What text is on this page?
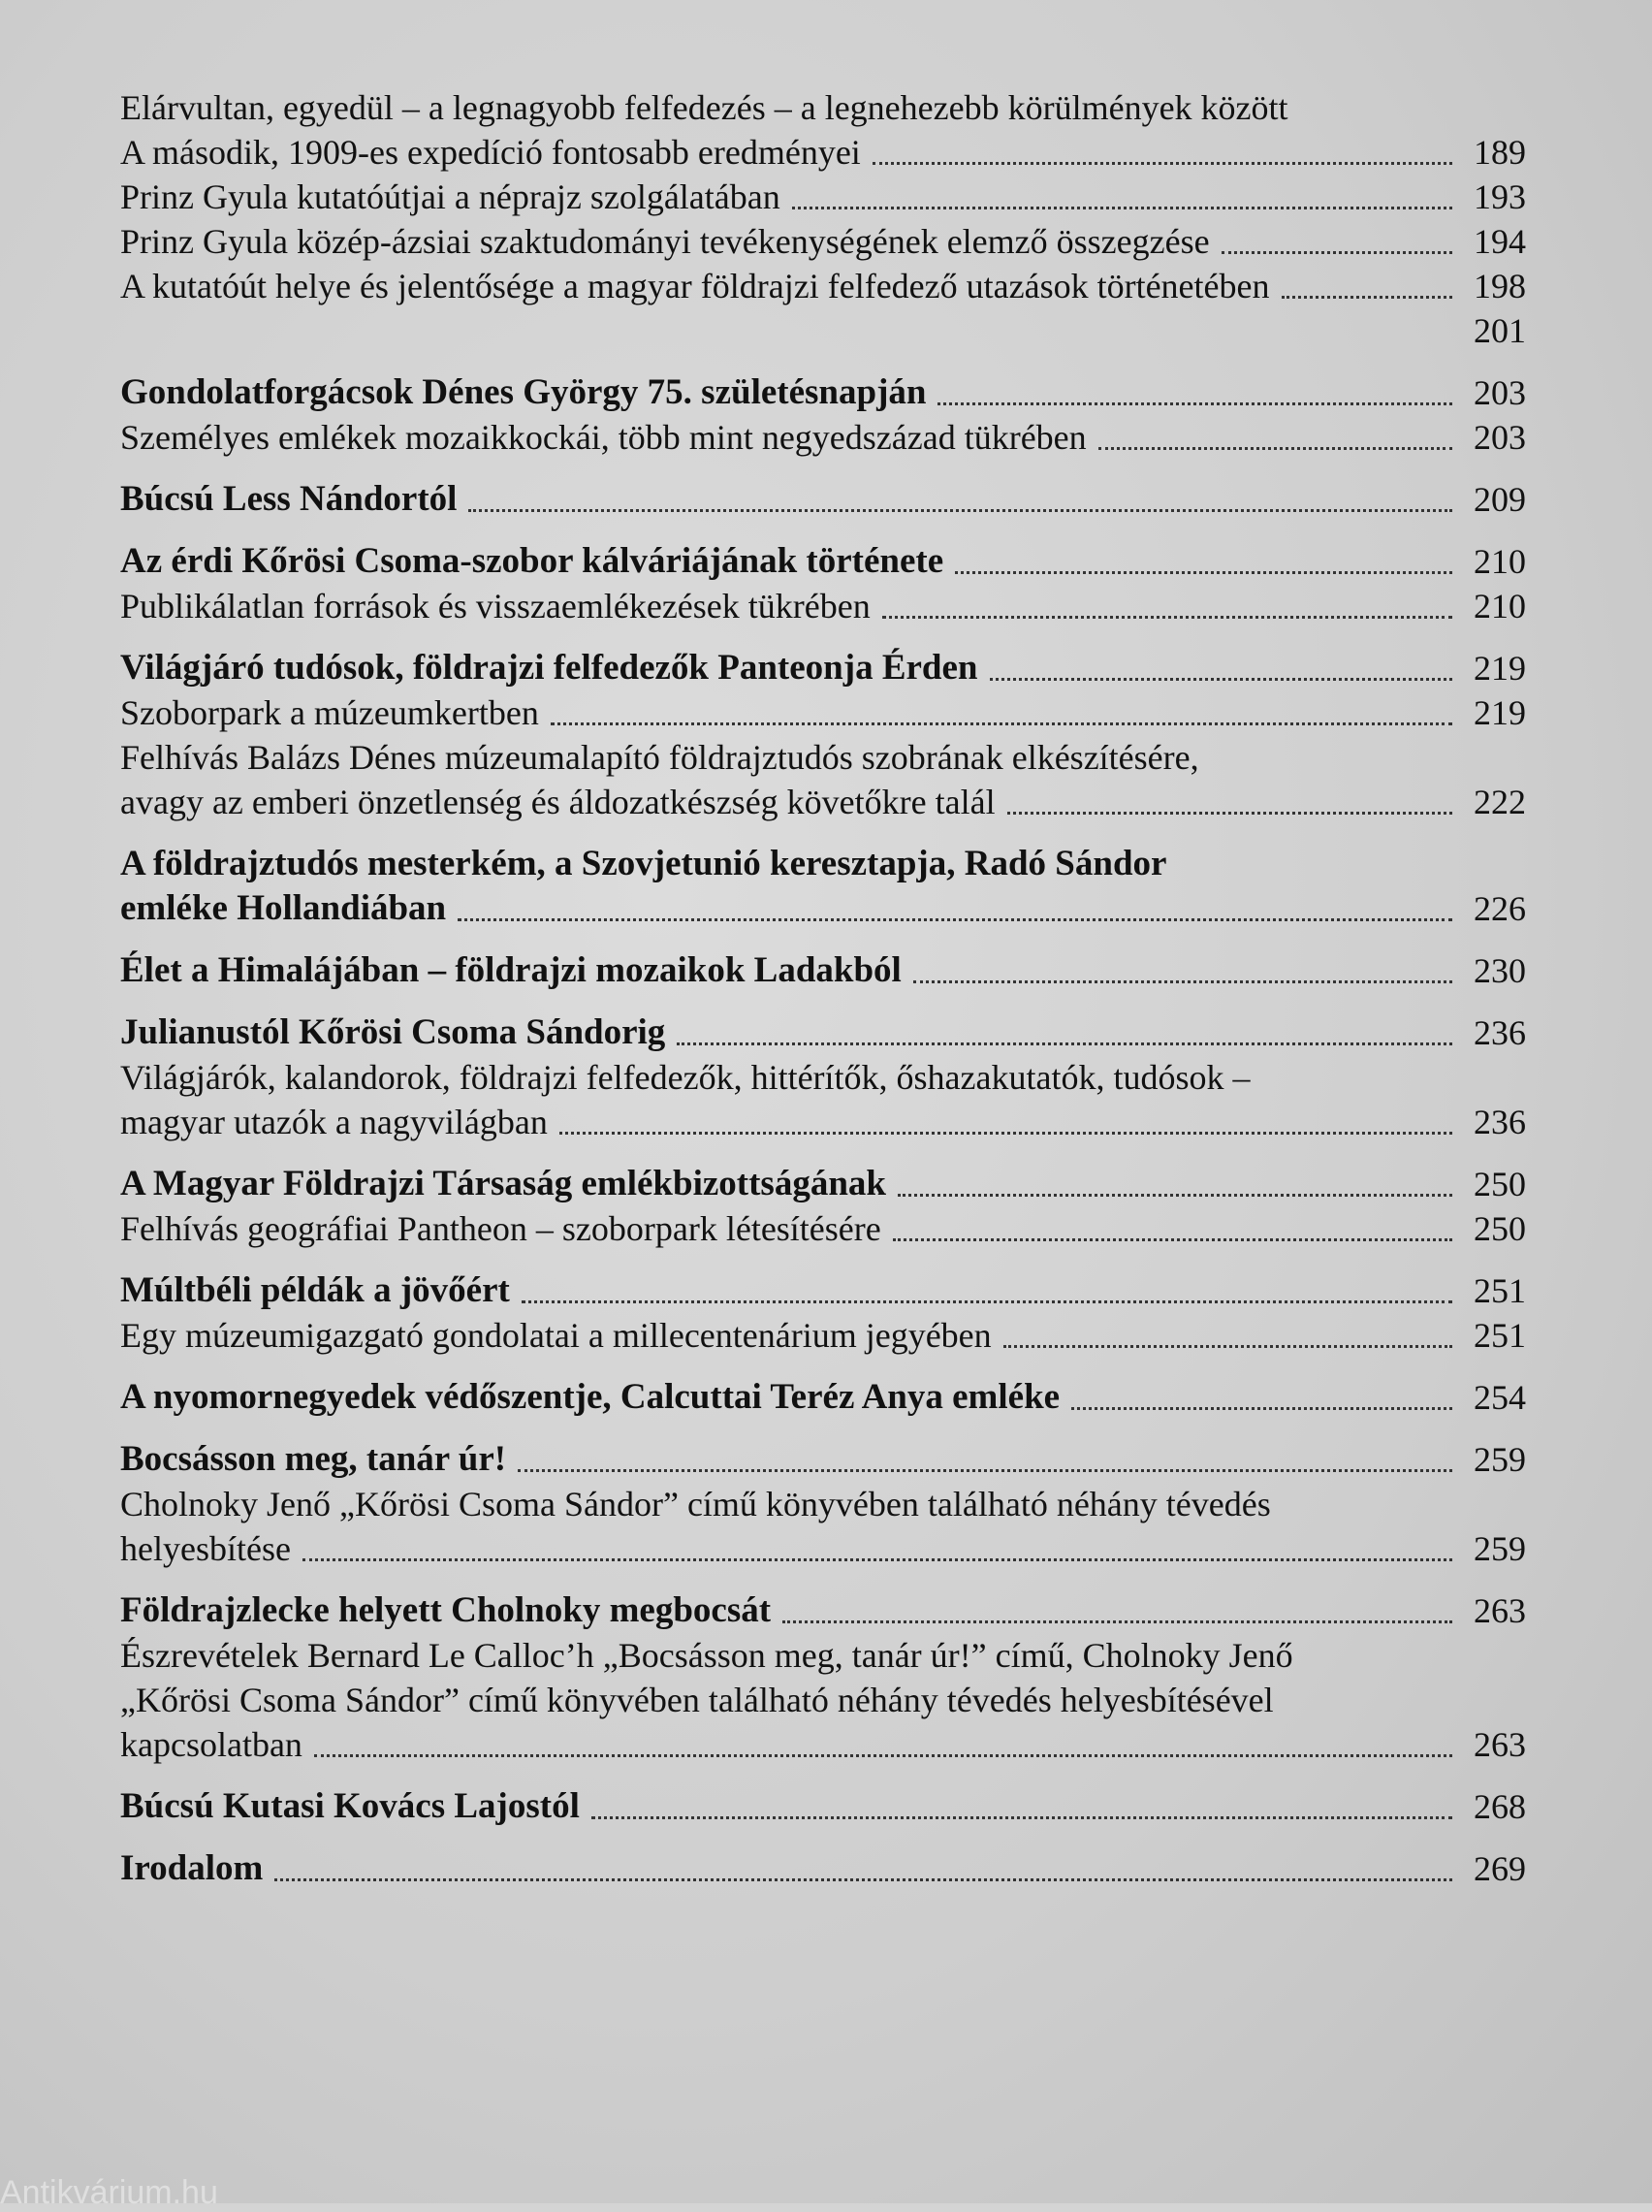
Elárvultan, egyedül – a legnagyobb felfedezés – a legnehezebb körülmények között
A második, 1909-es expedíció fontosabb eredményei	189
Prinz Gyula kutatóútjai a néprajz szolgálatában	193
Prinz Gyula közép-ázsiai szaktudományi tevékenységének elemző összegzése	194
A kutatóút helye és jelentősége a magyar földrajzi felfedező utazások történetében	198
201
Gondolatforgácsok Dénes György 75. születésnapján	203
Személyes emlékek mozaikkockái, több mint negyedszázad tükrében	203
Búcsú Less Nándortól	209
Az érdi Kőrösi Csoma-szobor kálváriájának története	210
Publikálatlan források és visszaemlékezések tükrében	210
Világjáró tudósok, földrajzi felfedezők Panteonja Érden	219
Szoborpark a múzeumkertben	219
Felhívás Balázs Dénes múzeumalapító földrajztudós szobrának elkészítésére,
avagy az emberi önzetlenség és áldozatkészség követőkre talál	222
A földrajztudós mesterkém, a Szovjetunió keresztapja, Radó Sándor
emléke Hollandiában	226
Élet a Himalájában – földrajzi mozaikok Ladakból	230
Julianustól Kőrösi Csoma Sándorig	236
Világjárók, kalandorok, földrajzi felfedezők, hittérítők, őshazakutatók, tudósok –
magyar utazók a nagyvilágban	236
A Magyar Földrajzi Társaság emlékbizottságának	250
Felhívás geográfiai Pantheon – szoborpark létesítésére	250
Múltbéli példák a jövőért	251
Egy múzeumigazgató gondolatai a millecentenárium jegyében	251
A nyomornegyedek védőszentje, Calcuttai Teréz Anya emléke	254
Bocsásson meg, tanár úr!	259
Cholnoky Jenő „Kőrösi Csoma Sándor” című könyvében található néhány tévedés
helyesbítése	259
Földrajzlecke helyett Cholnoky megbocsát	263
Észrevételek Bernard Le Calloc’h „Bocsásson meg, tanár úr!” című, Cholnoky Jenő
„Kőrösi Csoma Sándor” című könyvében található néhány tévedés helyesbítésével
kapcsolatban	263
Búcsú Kutasi Kovács Lajostól	268
Irodalom	269
Antikvárium.hu
